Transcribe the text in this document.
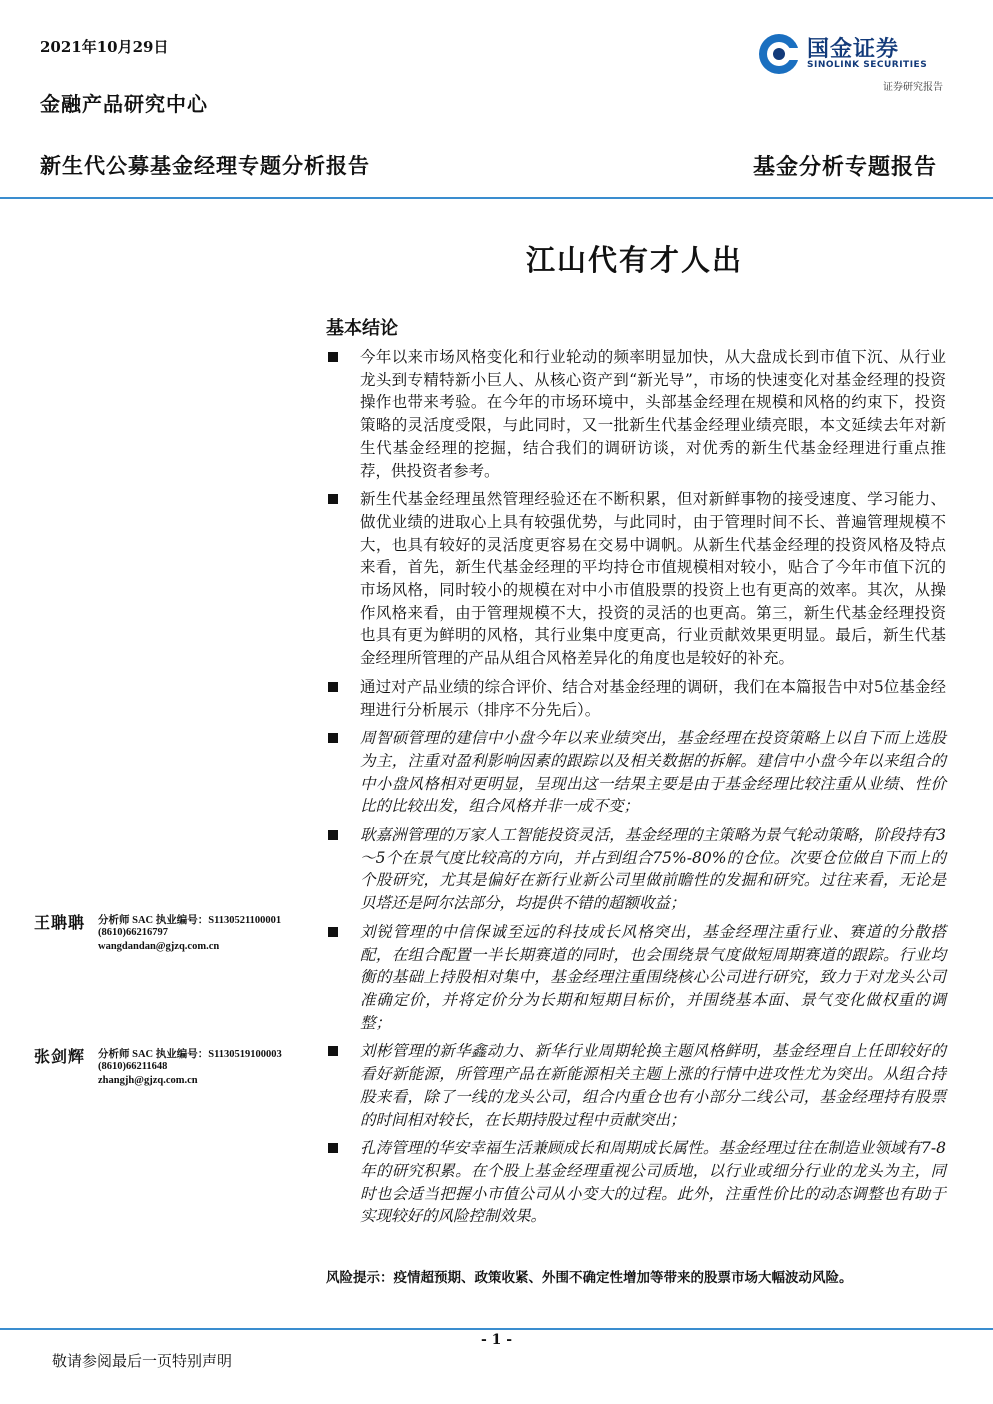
2021年10月29日
金融产品研究中心
新生代公募基金经理专题分析报告	基金分析专题报告
国金证券
SINOLINK SECURITIES
证券研究报告
江山代有才人出
基本结论
今年以来市场风格变化和行业轮动的频率明显加快，从大盘成长到市值下沉、从行业龙头到专精特新小巨人、从核心资产到“新光导”，市场的快速变化对基金经理的投资操作也带来考验。在今年的市场环境中，头部基金经理在规模和风格的约束下，投资策略的灵活度受限，与此同时，又一批新生代基金经理业绩亮眼，本文延续去年对新生代基金经理的挖掘，结合我们的调研访谈，对优秀的新生代基金经理进行重点推荐，供投资者参考。
新生代基金经理虽然管理经验还在不断积累，但对新鲜事物的接受速度、学习能力、做优业绩的进取心上具有较强优势，与此同时，由于管理时间不长、普遍管理规模不大，也具有较好的灵活度更容易在交易中调帆。从新生代基金经理的投资风格及特点来看，首先，新生代基金经理的平均持仓市值规模相对较小，贴合了今年市值下沉的市场风格，同时较小的规模在对中小市值股票的投资上也有更高的效率。其次，从操作风格来看，由于管理规模不大，投资的灵活的也更高。第三，新生代基金经理投资也具有更为鲜明的风格，其行业集中度更高，行业贡献效果更明显。最后，新生代基金经理所管理的产品从组合风格差异化的角度也是较好的补充。
通过对产品业绩的综合评价、结合对基金经理的调研，我们在本篇报告中对5位基金经理进行分析展示（排序不分先后）。
周智硕管理的建信中小盘今年以来业绩突出，基金经理在投资策略上以自下而上选股为主，注重对盈利影响因素的跟踪以及相关数据的拆解。建信中小盘今年以来组合的中小盘风格相对更明显，呈现出这一结果主要是由于基金经理比较注重从业绩、性价比的比较出发，组合风格并非一成不变；
耿嘉洲管理的万家人工智能投资灵活，基金经理的主策略为景气轮动策略，阶段持有3～5个在景气度比较高的方向，并占到组合75%-80%的仓位。次要仓位做自下而上的个股研究，尤其是偏好在新行业新公司里做前瞻性的发掘和研究。过往来看，无论是贝塔还是阿尔法部分，均提供不错的超额收益；
刘锐管理的中信保诚至远的科技成长风格突出，基金经理注重行业、赛道的分散搭配，在组合配置一半长期赛道的同时，也会围绕景气度做短周期赛道的跟踪。行业均衡的基础上持股相对集中，基金经理注重围绕核心公司进行研究，致力于对龙头公司准确定价，并将定价分为长期和短期目标价，并围绕基本面、景气变化做权重的调整；
刘彬管理的新华鑫动力、新华行业周期轮换主题风格鲜明，基金经理自上任即较好的看好新能源，所管理产品在新能源相关主题上涨的行情中进攻性尤为突出。从组合持股来看，除了一线的龙头公司，组合内重仓也有小部分二线公司，基金经理持有股票的时间相对较长，在长期持股过程中贡献突出；
孔涛管理的华安幸福生活兼顾成长和周期成长属性。基金经理过往在制造业领域有7-8年的研究积累。在个股上基金经理重视公司质地，以行业或细分行业的龙头为主，同时也会适当把握小市值公司从小变大的过程。此外，注重性价比的动态调整也有助于实现较好的风险控制效果。
风险提示：疫情超预期、政策收紧、外围不确定性增加等带来的股票市场大幅波动风险。
王聃聃 分析师 SAC 执业编号：S1130521100001
(8610)66216797
wangdandan@gjzq.com.cn
张剑辉 分析师 SAC 执业编号：S1130519100003
(8610)66211648
zhangjh@gjzq.com.cn
- 1 -
敬请参阅最后一页特别声明
